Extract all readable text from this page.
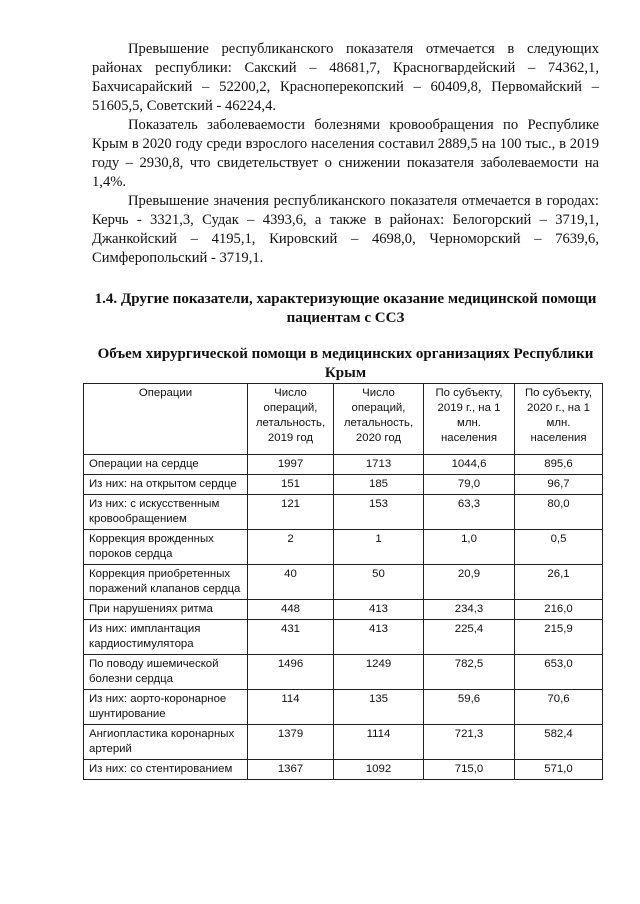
Превышение республиканского показателя отмечается в следующих районах республики: Сакский – 48681,7, Красногвардейский – 74362,1, Бахчисарайский – 52200,2, Красноперекопский – 60409,8, Первомайский – 51605,5, Советский - 46224,4.

Показатель заболеваемости болезнями кровообращения по Республике Крым в 2020 году среди взрослого населения составил 2889,5 на 100 тыс., в 2019 году – 2930,8, что свидетельствует о снижении показателя заболеваемости на 1,4%.

Превышение значения республиканского показателя отмечается в городах: Керчь - 3321,3, Судак – 4393,6, а также в районах: Белогорский – 3719,1, Джанкойский – 4195,1, Кировский – 4698,0, Черноморский – 7639,6, Симферопольский - 3719,1.

1.4. Другие показатели, характеризующие оказание медицинской помощи пациентам с ССЗ
Объем хирургической помощи в медицинских организациях Республики Крым
Операции	Число операций, летальность, 2019 год	Число операций, летальность, 2020 год	По субъекту, 2019 г., на 1 млн. населения	По субъекту, 2020 г., на 1 млн. населения
Операции на сердце	1997	1713	1044,6	895,6
Из них: на открытом сердце	151	185	79,0	96,7
Из них: с искусственным кровообращением	121	153	63,3	80,0
Коррекция врожденных пороков сердца	2	1	1,0	0,5
Коррекция приобретенных поражений клапанов сердца	40	50	20,9	26,1
При нарушениях ритма	448	413	234,3	216,0
Из них: имплантация кардиостимулятора	431	413	225,4	215,9
По поводу ишемической болезни сердца	1496	1249	782,5	653,0
Из них: аорто-коронарное шунтирование	114	135	59,6	70,6
Ангиопластика коронарных артерий	1379	1114	721,3	582,4
Из них: со стентированием	1367	1092	715,0	571,0
